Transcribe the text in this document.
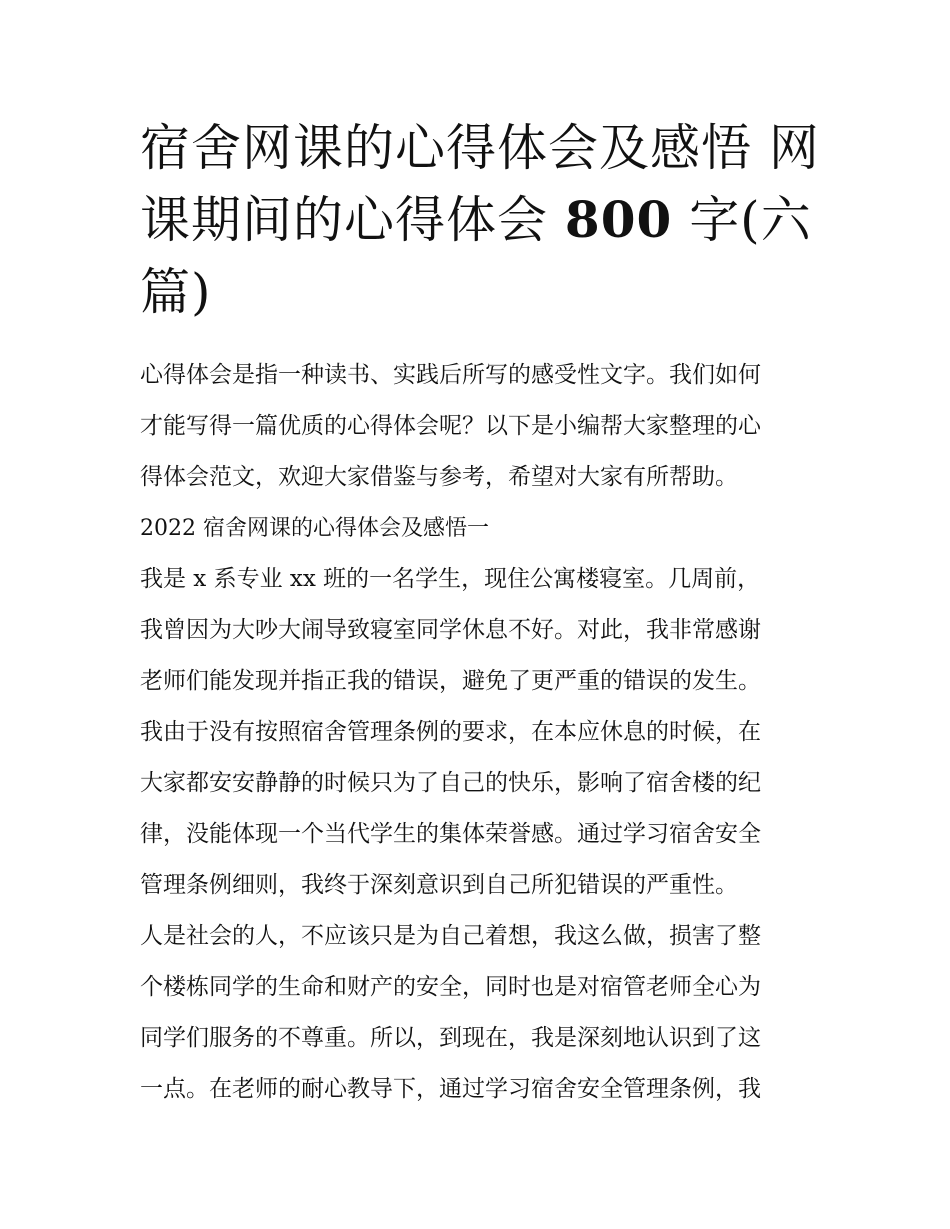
宿舍网课的心得体会及感悟 网
课期间的心得体会 800 字(六
篇)

心得体会是指一种读书、实践后所写的感受性文字。我们如何
才能写得一篇优质的心得体会呢？以下是小编帮大家整理的心
得体会范文，欢迎大家借鉴与参考，希望对大家有所帮助。

2022 宿舍网课的心得体会及感悟一

我是 x 系专业 xx 班的一名学生，现住公寓楼寝室。几周前，
我曾因为大吵大闹导致寝室同学休息不好。对此，我非常感谢
老师们能发现并指正我的错误，避免了更严重的错误的发生。
我由于没有按照宿舍管理条例的要求，在本应休息的时候，在
大家都安安静静的时候只为了自己的快乐，影响了宿舍楼的纪
律，没能体现一个当代学生的集体荣誉感。通过学习宿舍安全
管理条例细则，我终于深刻意识到自己所犯错误的严重性。

人是社会的人，不应该只是为自己着想，我这么做，损害了整
个楼栋同学的生命和财产的安全，同时也是对宿管老师全心为
同学们服务的不尊重。所以，到现在，我是深刻地认识到了这
一点。在老师的耐心教导下，通过学习宿舍安全管理条例，我
